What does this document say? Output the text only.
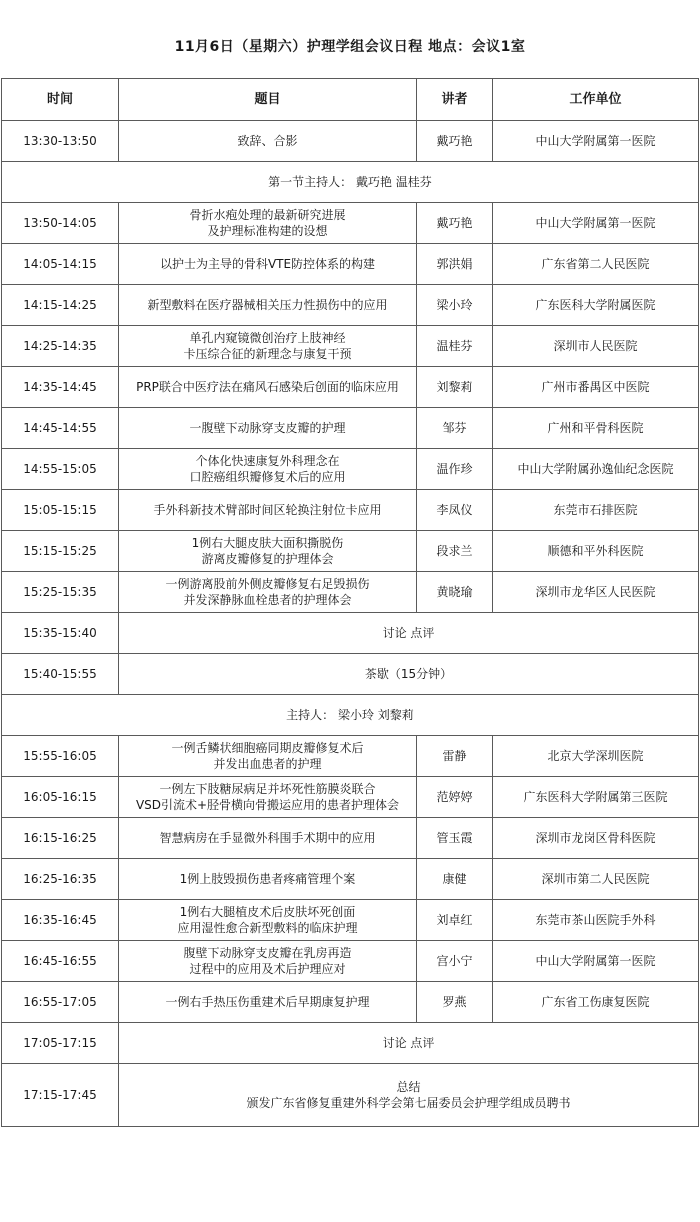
11月6日（星期六）护理学组会议日程 地点：会议1室
时间	题目	讲者	工作单位
13:30-13:50	致辞、合影	戴巧艳	中山大学附属第一医院
第一节主持人： 戴巧艳 温桂芬			
13:50-14:05	骨折水疱处理的最新研究进展
及护理标准构建的设想	戴巧艳	中山大学附属第一医院
14:05-14:15	以护士为主导的骨科VTE防控体系的构建	郭洪娟	广东省第二人民医院
14:15-14:25	新型敷料在医疗器械相关压力性损伤中的应用	梁小玲	广东医科大学附属医院
14:25-14:35	单孔内窥镜微创治疗上肢神经
卡压综合征的新理念与康复干预	温桂芬	深圳市人民医院
14:35-14:45	PRP联合中医疗法在痛风石感染后创面的临床应用	刘黎莉	广州市番禺区中医院
14:45-14:55	一腹壁下动脉穿支皮瓣的护理	邹芬	广州和平骨科医院
14:55-15:05	个体化快速康复外科理念在
口腔癌组织瓣修复术后的应用	温作珍	中山大学附属孙逸仙纪念医院
15:05-15:15	手外科新技术臂部时间区轮换注射位卡应用	李凤仪	东莞市石排医院
15:15-15:25	1例右大腿皮肤大面积撕脱伤
游离皮瓣修复的护理体会	段求兰	顺德和平外科医院
15:25-15:35	一例游离股前外侧皮瓣修复右足毁损伤
并发深静脉血栓患者的护理体会	黄晓瑜	深圳市龙华区人民医院
15:35-15:40	讨论 点评		

15:40-15:55	茶歇（15分钟）		

主持人： 梁小玲 刘黎莉			
15:55-16:05	一例舌鳞状细胞癌同期皮瓣修复术后
并发出血患者的护理	雷静	北京大学深圳医院
16:05-16:15	一例左下肢糖尿病足并坏死性筋膜炎联合
VSD引流术+胫骨横向骨搬运应用的患者护理体会	范婷婷	广东医科大学附属第三医院
16:15-16:25	智慧病房在手显微外科围手术期中的应用	管玉霞	深圳市龙岗区骨科医院
16:25-16:35	1例上肢毁损伤患者疼痛管理个案	康健	深圳市第二人民医院
16:35-16:45	1例右大腿植皮术后皮肤坏死创面
应用湿性愈合新型敷料的临床护理	刘卓红	东莞市茶山医院手外科
16:45-16:55	腹壁下动脉穿支皮瓣在乳房再造
过程中的应用及术后护理应对	宫小宁	中山大学附属第一医院
16:55-17:05	一例右手热压伤重建术后早期康复护理	罗燕	广东省工伤康复医院
17:05-17:15	讨论 点评		

17:15-17:45	总结
颁发广东省修复重建外科学会第七届委员会护理学组成员聘书		
